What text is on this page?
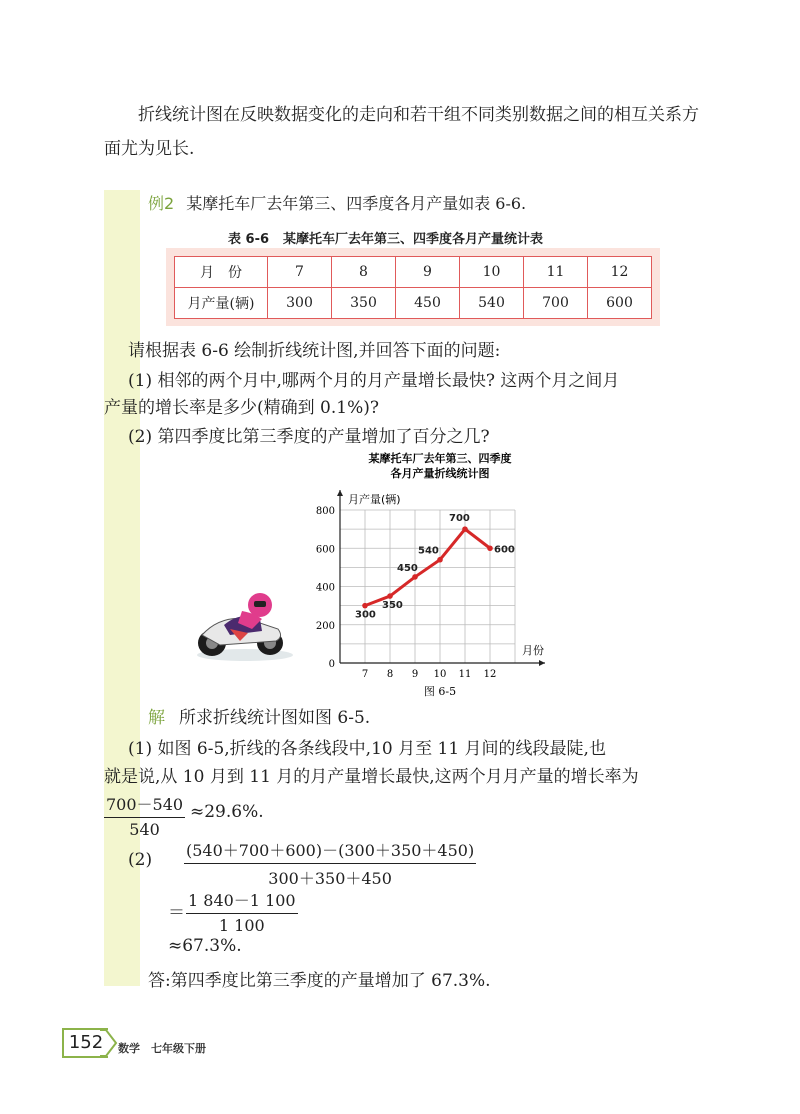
折线统计图在反映数据变化的走向和若干组不同类别数据之间的相互关系方面尤为见长.

例2 某摩托车厂去年第三、四季度各月产量如表 6-6.
表 6-6 某摩托车厂去年第三、四季度各月产量统计表
月　份	7	8	9	10	11	12
月产量(辆)	300	350	450	540	700	600

请根据表 6-6 绘制折线统计图,并回答下面的问题:

(1) 相邻的两个月中,哪两个月的月产量增长最快? 这两个月之间月

产量的增长率是多少(精确到 0.1%)?

(2) 第四季度比第三季度的产量增加了百分之几?

某摩托车厂去年第三、四季度
各月产量折线统计图
月产量(辆)
月份
图 6-5
0
200
400
600
800
7 8 9 10 11 12
300
350
450
540
700
600
解 所求折线统计图如图 6-5.

(1) 如图 6-5,折线的各条线段中,10 月至 11 月间的线段最陡,也

就是说,从 10 月到 11 月的月产量增长最快,这两个月月产量的增长率为

$\frac{700-540}{540} \approx 29.6\%$.
$(2) \frac{(540+700+600)-(300+350+450)}{300+350+450}$
＝ $\frac{1 840-1 100}{1 100}$
≈67.3%.
答:第四季度比第三季度的产量增加了 67.3%.
152	数学　七年级下册
